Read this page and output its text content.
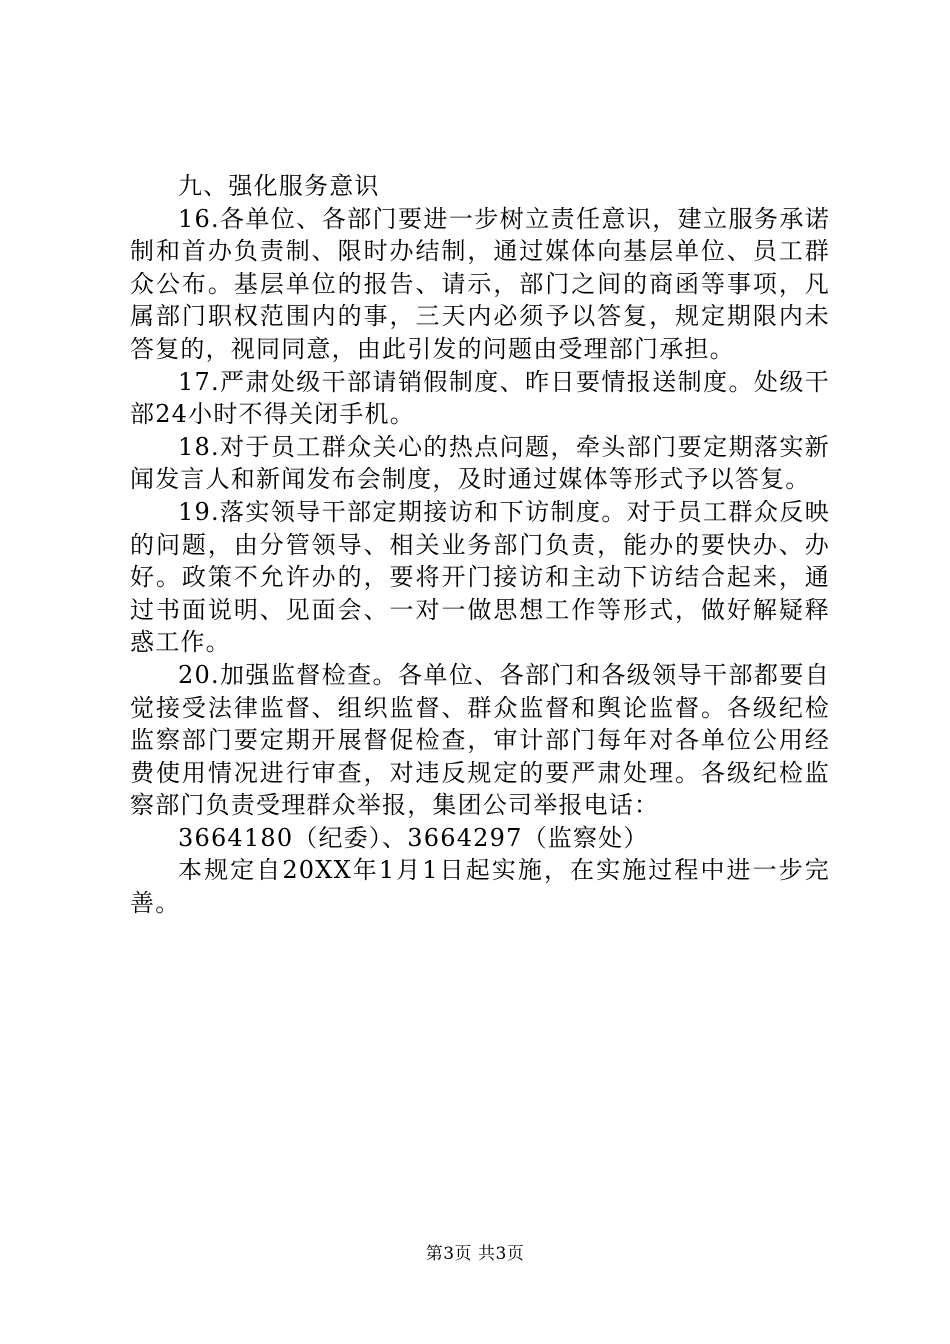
九、强化服务意识

16.各单位、各部门要进一步树立责任意识，建立服务承诺制和首办负责制、限时办结制，通过媒体向基层单位、员工群众公布。基层单位的报告、请示，部门之间的商函等事项，凡属部门职权范围内的事，三天内必须予以答复，规定期限内未答复的，视同同意，由此引发的问题由受理部门承担。

17.严肃处级干部请销假制度、昨日要情报送制度。处级干部24小时不得关闭手机。

18.对于员工群众关心的热点问题，牵头部门要定期落实新闻发言人和新闻发布会制度，及时通过媒体等形式予以答复。

19.落实领导干部定期接访和下访制度。对于员工群众反映的问题，由分管领导、相关业务部门负责，能办的要快办、办好。政策不允许办的，要将开门接访和主动下访结合起来，通过书面说明、见面会、一对一做思想工作等形式，做好解疑释惑工作。

20.加强监督检查。各单位、各部门和各级领导干部都要自觉接受法律监督、组织监督、群众监督和舆论监督。各级纪检监察部门要定期开展督促检查，审计部门每年对各单位公用经费使用情况进行审查，对违反规定的要严肃处理。各级纪检监察部门负责受理群众举报，集团公司举报电话：

3664180（纪委）、3664297（监察处）

本规定自20XX年1月1日起实施，在实施过程中进一步完善。

第3页 共3页
